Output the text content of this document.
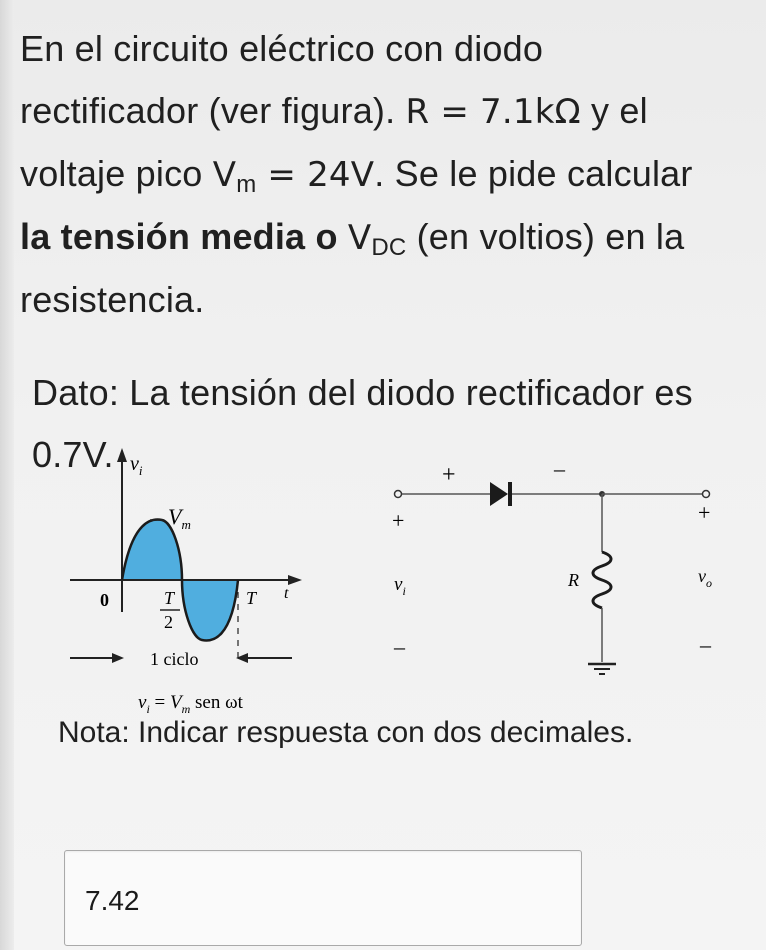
En el circuito eléctrico con diodo
rectificador (ver figura). R = 7.1kΩ y el
voltaje pico $V_m = 24V$. Se le pide calcular
la tensión media o $V_{DC}$ (en voltios) en la
resistencia.
Dato: La tensión del diodo rectificador es 0.7V. $v_i$
$V_m$
0	T
2
T t
1 ciclo
$v_i = V_m$ sen ωt
+	–
+
$v_i$
–
R
+
$v_o$
–
Nota: Indicar respuesta con dos decimales.
7.42
